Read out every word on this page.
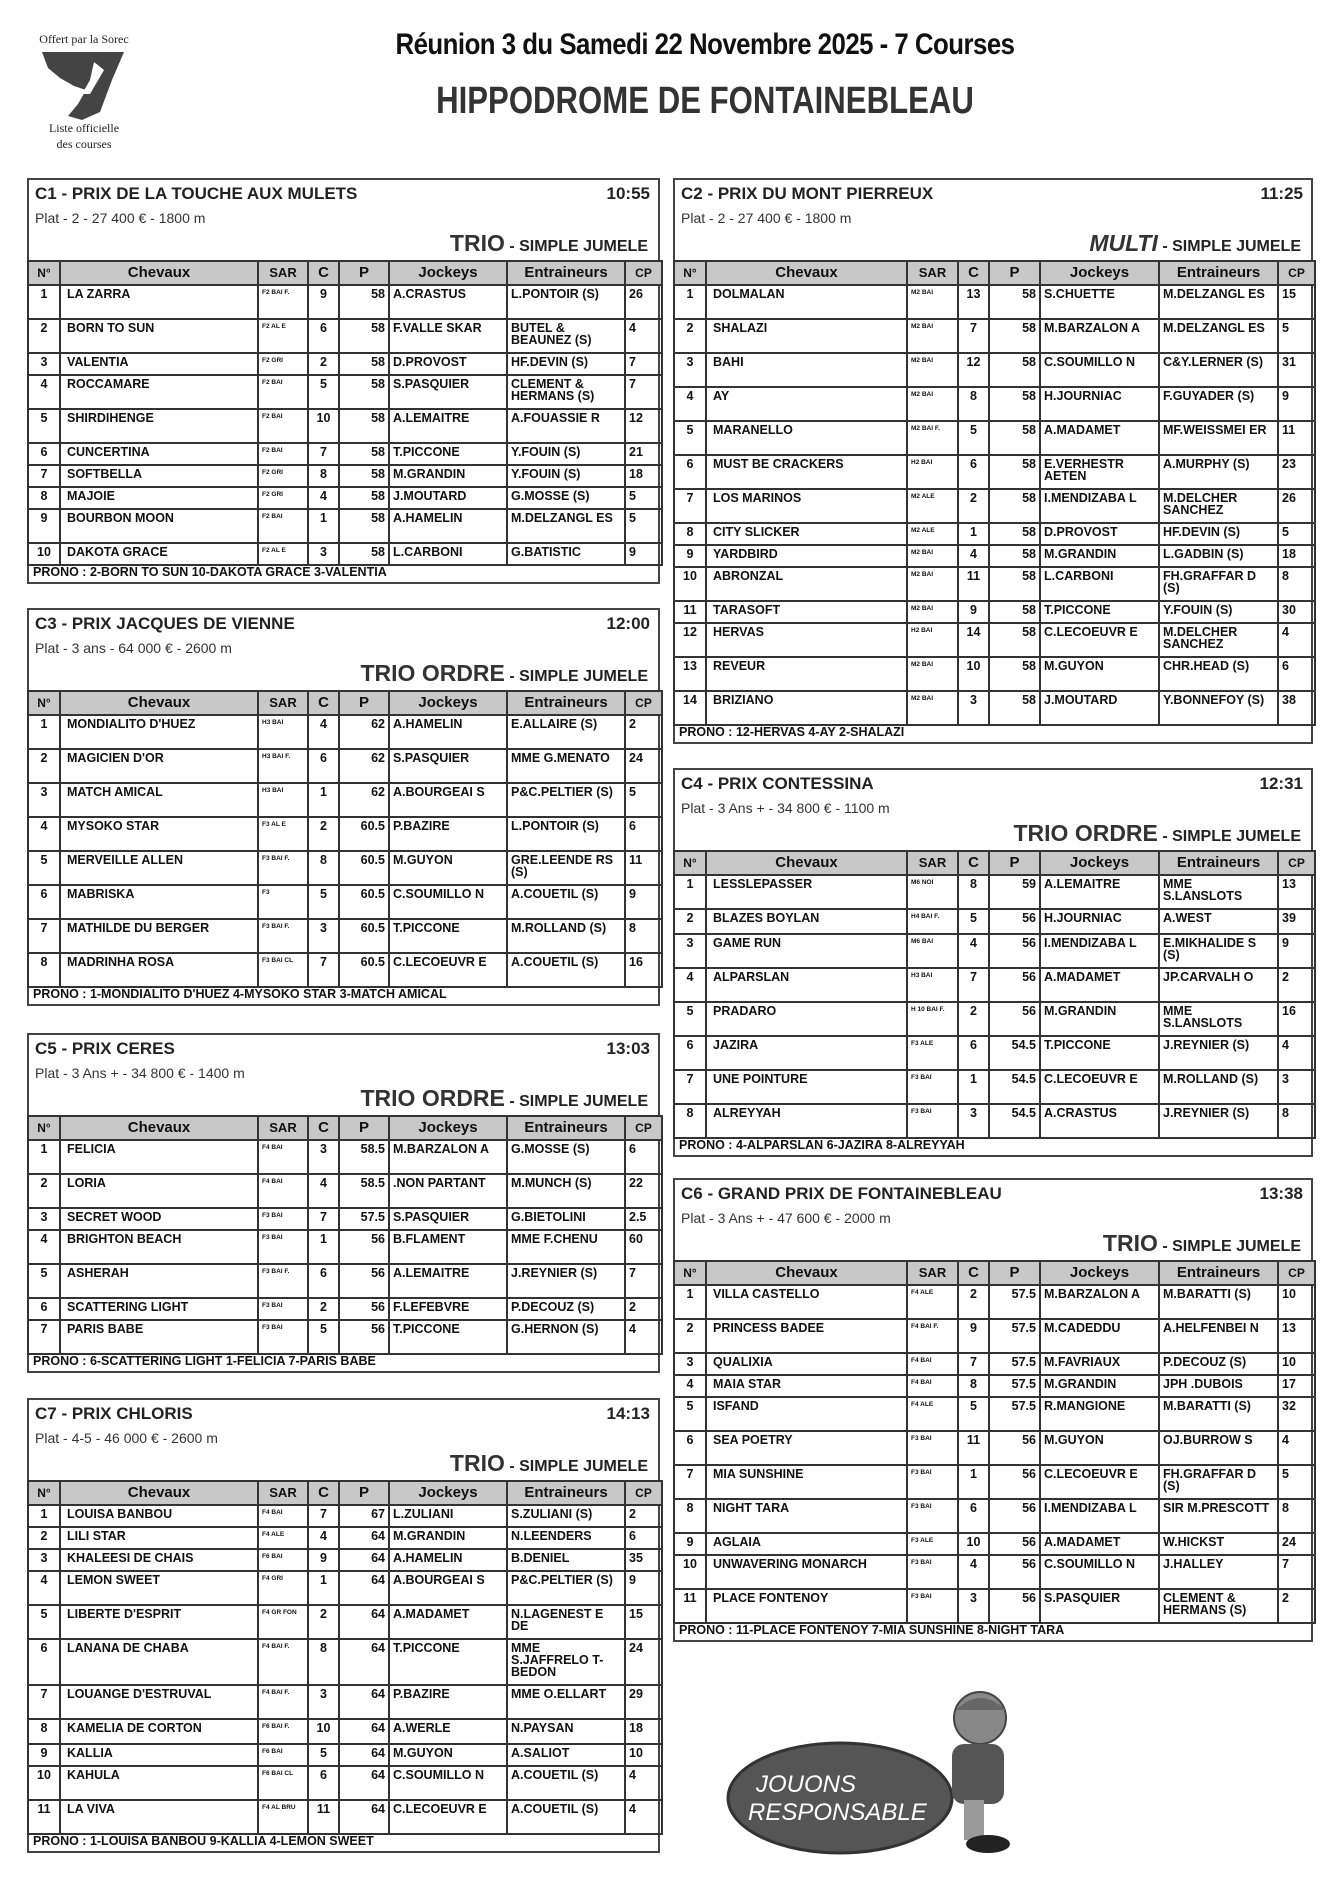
Offert par la Sorec
Liste officielle
des courses
Réunion 3 du Samedi 22 Novembre 2025 - 7 Courses
HIPPODROME DE FONTAINEBLEAU
C1 - PRIX DE LA TOUCHE AUX MULETS	10:55
Plat - 2 - 27 400 € - 1800 m
TRIO - SIMPLE JUMELE
N°	Chevaux	SAR	C	P	Jockeys	Entraineurs	CP
1	LA ZARRA	F2 BAI F.	9	58	A.CRASTUS	L.PONTOIR (S)	26
2	BORN TO SUN	F2 AL E	6	58	F.VALLE SKAR	BUTEL & BEAUNEZ (S)	4
3	VALENTIA	F2 GRI	2	58	D.PROVOST	HF.DEVIN (S)	7
4	ROCCAMARE	F2 BAI	5	58	S.PASQUIER	CLEMENT & HERMANS (S)	7
5	SHIRDIHENGE	F2 BAI	10	58	A.LEMAITRE	A.FOUASSIE R	12
6	CUNCERTINA	F2 BAI	7	58	T.PICCONE	Y.FOUIN (S)	21
7	SOFTBELLA	F2 GRI	8	58	M.GRANDIN	Y.FOUIN (S)	18
8	MAJOIE	F2 GRI	4	58	J.MOUTARD	G.MOSSE (S)	5
9	BOURBON MOON	F2 BAI	1	58	A.HAMELIN	M.DELZANGL ES	5
10	DAKOTA GRACE	F2 AL E	3	58	L.CARBONI	G.BATISTIC	9
PRONO : 2-BORN TO SUN 10-DAKOTA GRACE 3-VALENTIA
C2 - PRIX DU MONT PIERREUX	11:25
Plat - 2 - 27 400 € - 1800 m
MULTI - SIMPLE JUMELE
N°	Chevaux	SAR	C	P	Jockeys	Entraineurs	CP
1	DOLMALAN	M2 BAI	13	58	S.CHUETTE	M.DELZANGL ES	15
2	SHALAZI	M2 BAI	7	58	M.BARZALON A	M.DELZANGL ES	5
3	BAHI	M2 BAI	12	58	C.SOUMILLO N	C&Y.LERNER (S)	31
4	AY	M2 BAI	8	58	H.JOURNIAC	F.GUYADER (S)	9
5	MARANELLO	M2 BAI F.	5	58	A.MADAMET	MF.WEISSMEI ER	11
6	MUST BE CRACKERS	H2 BAI	6	58	E.VERHESTR AETEN	A.MURPHY (S)	23
7	LOS MARINOS	M2 ALE	2	58	I.MENDIZABA L	M.DELCHER SANCHEZ	26
8	CITY SLICKER	M2 ALE	1	58	D.PROVOST	HF.DEVIN (S)	5
9	YARDBIRD	M2 BAI	4	58	M.GRANDIN	L.GADBIN (S)	18
10	ABRONZAL	M2 BAI	11	58	L.CARBONI	FH.GRAFFAR D (S)	8
11	TARASOFT	M2 BAI	9	58	T.PICCONE	Y.FOUIN (S)	30
12	HERVAS	H2 BAI	14	58	C.LECOEUVR E	M.DELCHER SANCHEZ	4
13	REVEUR	M2 BAI	10	58	M.GUYON	CHR.HEAD (S)	6
14	BRIZIANO	M2 BAI	3	58	J.MOUTARD	Y.BONNEFOY (S)	38
PRONO : 12-HERVAS 4-AY 2-SHALAZI
C3 - PRIX JACQUES DE VIENNE	12:00
Plat - 3 ans - 64 000 € - 2600 m
TRIO ORDRE - SIMPLE JUMELE
N°	Chevaux	SAR	C	P	Jockeys	Entraineurs	CP
1	MONDIALITO D'HUEZ	H3 BAI	4	62	A.HAMELIN	E.ALLAIRE (S)	2
2	MAGICIEN D'OR	H3 BAI F.	6	62	S.PASQUIER	MME G.MENATO	24
3	MATCH AMICAL	H3 BAI	1	62	A.BOURGEAI S	P&C.PELTIER (S)	5
4	MYSOKO STAR	F3 AL E	2	60.5	P.BAZIRE	L.PONTOIR (S)	6
5	MERVEILLE ALLEN	F3 BAI F.	8	60.5	M.GUYON	GRE.LEENDE RS (S)	11
6	MABRISKA	F3	5	60.5	C.SOUMILLO N	A.COUETIL (S)	9
7	MATHILDE DU BERGER	F3 BAI F.	3	60.5	T.PICCONE	M.ROLLAND (S)	8
8	MADRINHA ROSA	F3 BAI CL	7	60.5	C.LECOEUVR E	A.COUETIL (S)	16
PRONO : 1-MONDIALITO D'HUEZ 4-MYSOKO STAR 3-MATCH AMICAL
C4 - PRIX CONTESSINA	12:31
Plat - 3 Ans + - 34 800 € - 1100 m
TRIO ORDRE - SIMPLE JUMELE
N°	Chevaux	SAR	C	P	Jockeys	Entraineurs	CP
1	LESSLEPASSER	M6 NOI	8	59	A.LEMAITRE	MME S.LANSLOTS	13
2	BLAZES BOYLAN	H4 BAI F.	5	56	H.JOURNIAC	A.WEST	39
3	GAME RUN	M6 BAI	4	56	I.MENDIZABA L	E.MIKHALIDE S (S)	9
4	ALPARSLAN	H3 BAI	7	56	A.MADAMET	JP.CARVALH O	2
5	PRADARO	H 10 BAI F.	2	56	M.GRANDIN	MME S.LANSLOTS	16
6	JAZIRA	F3 ALE	6	54.5	T.PICCONE	J.REYNIER (S)	4
7	UNE POINTURE	F3 BAI	1	54.5	C.LECOEUVR E	M.ROLLAND (S)	3
8	ALREYYAH	F3 BAI	3	54.5	A.CRASTUS	J.REYNIER (S)	8
PRONO : 4-ALPARSLAN 6-JAZIRA 8-ALREYYAH
C5 - PRIX CERES	13:03
Plat - 3 Ans + - 34 800 € - 1400 m
TRIO ORDRE - SIMPLE JUMELE
N°	Chevaux	SAR	C	P	Jockeys	Entraineurs	CP
1	FELICIA	F4 BAI	3	58.5	M.BARZALON A	G.MOSSE (S)	6
2	LORIA	F4 BAI	4	58.5	.NON PARTANT	M.MUNCH (S)	22
3	SECRET WOOD	F3 BAI	7	57.5	S.PASQUIER	G.BIETOLINI	2.5
4	BRIGHTON BEACH	F3 BAI	1	56	B.FLAMENT	MME F.CHENU	60
5	ASHERAH	F3 BAI F.	6	56	A.LEMAITRE	J.REYNIER (S)	7
6	SCATTERING LIGHT	F3 BAI	2	56	F.LEFEBVRE	P.DECOUZ (S)	2
7	PARIS BABE	F3 BAI	5	56	T.PICCONE	G.HERNON (S)	4
PRONO : 6-SCATTERING LIGHT 1-FELICIA 7-PARIS BABE
C6 - GRAND PRIX DE FONTAINEBLEAU	13:38
Plat - 3 Ans + - 47 600 € - 2000 m
TRIO - SIMPLE JUMELE
N°	Chevaux	SAR	C	P	Jockeys	Entraineurs	CP
1	VILLA CASTELLO	F4 ALE	2	57.5	M.BARZALON A	M.BARATTI (S)	10
2	PRINCESS BADEE	F4 BAI F.	9	57.5	M.CADEDDU	A.HELFENBEI N	13
3	QUALIXIA	F4 BAI	7	57.5	M.FAVRIAUX	P.DECOUZ (S)	10
4	MAIA STAR	F4 BAI	8	57.5	M.GRANDIN	JPH .DUBOIS	17
5	ISFAND	F4 ALE	5	57.5	R.MANGIONE	M.BARATTI (S)	32
6	SEA POETRY	F3 BAI	11	56	M.GUYON	OJ.BURROW S	4
7	MIA SUNSHINE	F3 BAI	1	56	C.LECOEUVR E	FH.GRAFFAR D (S)	5
8	NIGHT TARA	F3 BAI	6	56	I.MENDIZABA L	SIR M.PRESCOTT	8
9	AGLAIA	F3 ALE	10	56	A.MADAMET	W.HICKST	24
10	UNWAVERING MONARCH	F3 BAI	4	56	C.SOUMILLO N	J.HALLEY	7
11	PLACE FONTENOY	F3 BAI	3	56	S.PASQUIER	CLEMENT & HERMANS (S)	2
PRONO : 11-PLACE FONTENOY 7-MIA SUNSHINE 8-NIGHT TARA
C7 - PRIX CHLORIS	14:13
Plat - 4-5 - 46 000 € - 2600 m
TRIO - SIMPLE JUMELE
N°	Chevaux	SAR	C	P	Jockeys	Entraineurs	CP
1	LOUISA BANBOU	F4 BAI	7	67	L.ZULIANI	S.ZULIANI (S)	2
2	LILI STAR	F4 ALE	4	64	M.GRANDIN	N.LEENDERS	6
3	KHALEESI DE CHAIS	F6 BAI	9	64	A.HAMELIN	B.DENIEL	35
4	LEMON SWEET	F4 GRI	1	64	A.BOURGEAI S	P&C.PELTIER (S)	9
5	LIBERTE D'ESPRIT	F4 GR FON	2	64	A.MADAMET	N.LAGENEST E DE	15
6	LANANA DE CHABA	F4 BAI F.	8	64	T.PICCONE	MME S.JAFFRELO T-BEDON	24
7	LOUANGE D'ESTRUVAL	F4 BAI F.	3	64	P.BAZIRE	MME O.ELLART	29
8	KAMELIA DE CORTON	F6 BAI F.	10	64	A.WERLE	N.PAYSAN	18
9	KALLIA	F6 BAI	5	64	M.GUYON	A.SALIOT	10
10	KAHULA	F6 BAI CL	6	64	C.SOUMILLO N	A.COUETIL (S)	4
11	LA VIVA	F4 AL BRU	11	64	C.LECOEUVR E	A.COUETIL (S)	4
PRONO : 1-LOUISA BANBOU 9-KALLIA 4-LEMON SWEET
JOUONS
RESPONSABLE
